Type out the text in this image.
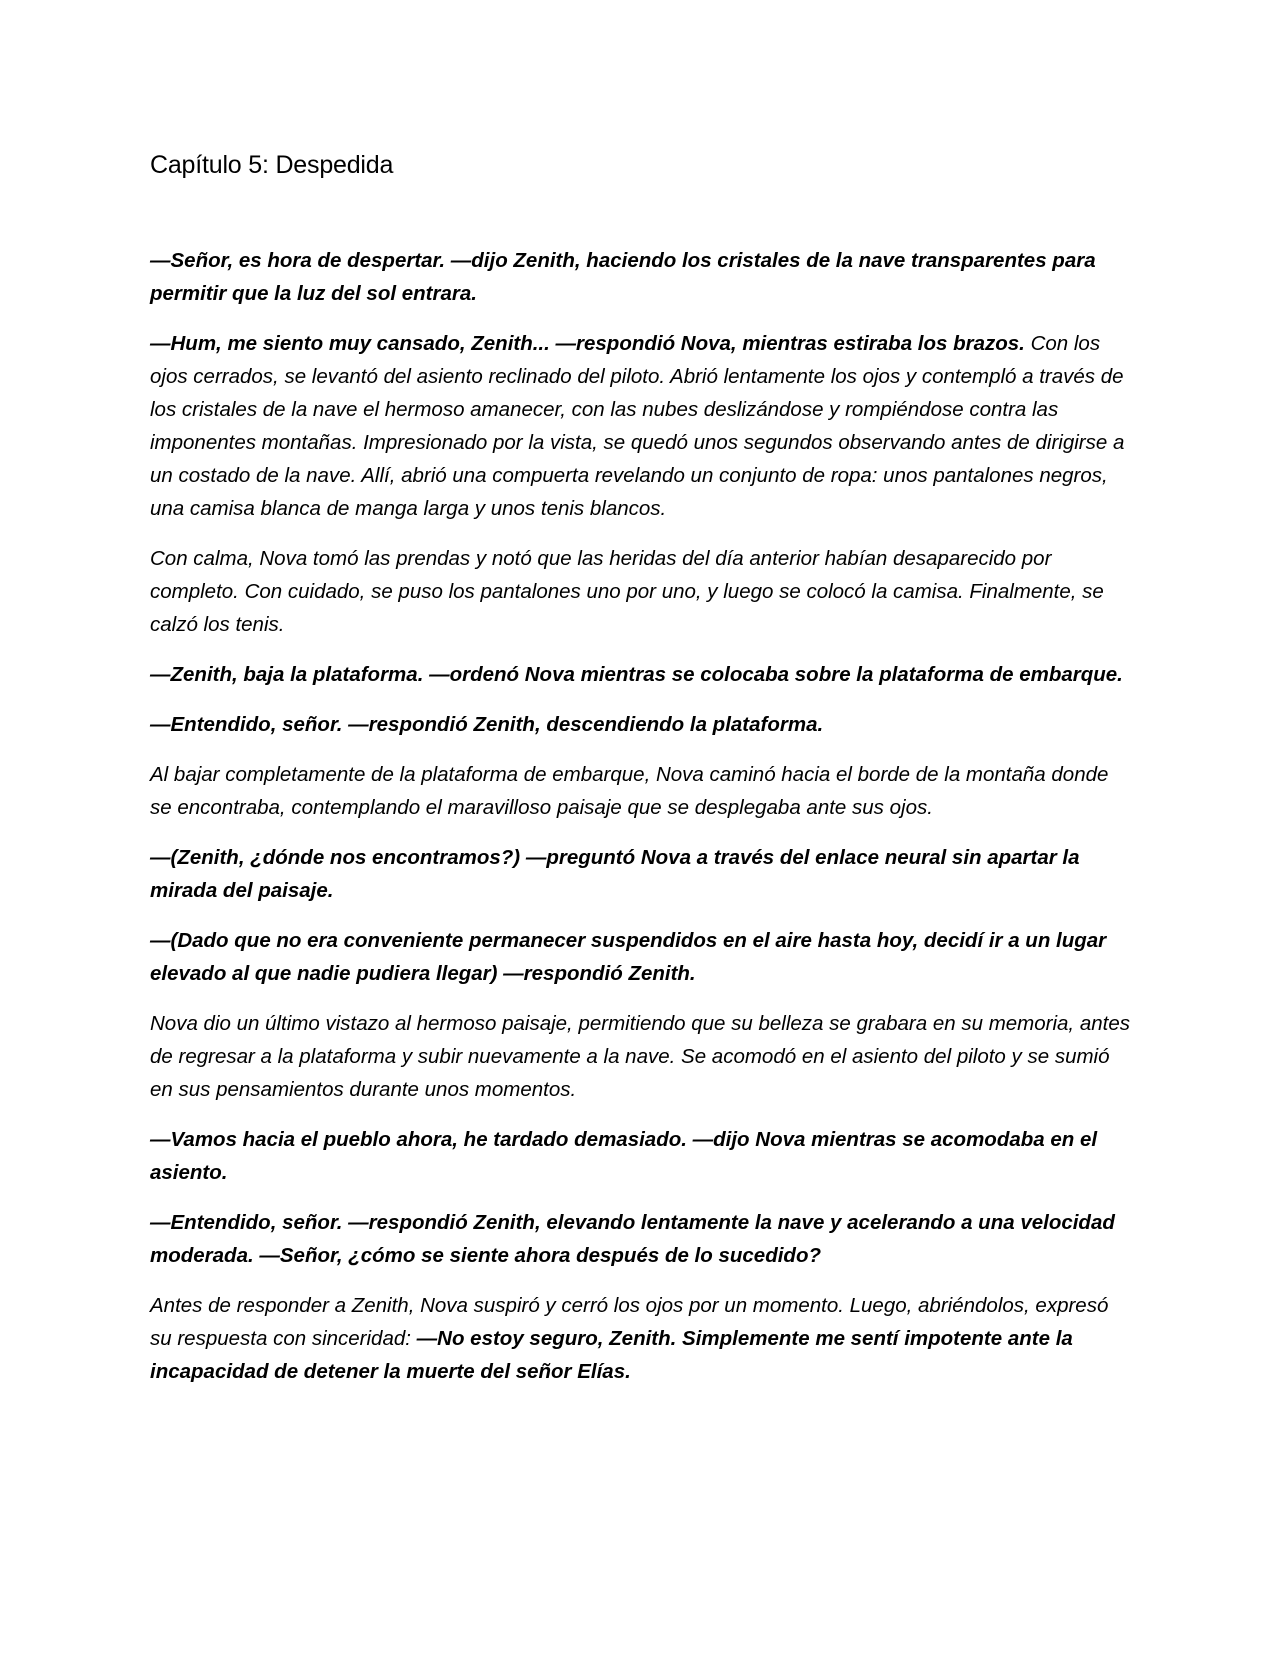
Capítulo 5: Despedida

—Señor, es hora de despertar. —dijo Zenith, haciendo los cristales de la nave transparentes para permitir que la luz del sol entrara.

—Hum, me siento muy cansado, Zenith... —respondió Nova, mientras estiraba los brazos. Con los ojos cerrados, se levantó del asiento reclinado del piloto. Abrió lentamente los ojos y contempló a través de los cristales de la nave el hermoso amanecer, con las nubes deslizándose y rompiéndose contra las imponentes montañas. Impresionado por la vista, se quedó unos segundos observando antes de dirigirse a un costado de la nave. Allí, abrió una compuerta revelando un conjunto de ropa: unos pantalones negros, una camisa blanca de manga larga y unos tenis blancos.

Con calma, Nova tomó las prendas y notó que las heridas del día anterior habían desaparecido por completo. Con cuidado, se puso los pantalones uno por uno, y luego se colocó la camisa. Finalmente, se calzó los tenis.

—Zenith, baja la plataforma. —ordenó Nova mientras se colocaba sobre la plataforma de embarque.

—Entendido, señor. —respondió Zenith, descendiendo la plataforma.

Al bajar completamente de la plataforma de embarque, Nova caminó hacia el borde de la montaña donde se encontraba, contemplando el maravilloso paisaje que se desplegaba ante sus ojos.

—(Zenith, ¿dónde nos encontramos?) —preguntó Nova a través del enlace neural sin apartar la mirada del paisaje.

—(Dado que no era conveniente permanecer suspendidos en el aire hasta hoy, decidí ir a un lugar elevado al que nadie pudiera llegar) —respondió Zenith.

Nova dio un último vistazo al hermoso paisaje, permitiendo que su belleza se grabara en su memoria, antes de regresar a la plataforma y subir nuevamente a la nave. Se acomodó en el asiento del piloto y se sumió en sus pensamientos durante unos momentos.

—Vamos hacia el pueblo ahora, he tardado demasiado. —dijo Nova mientras se acomodaba en el asiento.

—Entendido, señor. —respondió Zenith, elevando lentamente la nave y acelerando a una velocidad moderada. —Señor, ¿cómo se siente ahora después de lo sucedido?

Antes de responder a Zenith, Nova suspiró y cerró los ojos por un momento. Luego, abriéndolos, expresó su respuesta con sinceridad: —No estoy seguro, Zenith. Simplemente me sentí impotente ante la incapacidad de detener la muerte del señor Elías.
